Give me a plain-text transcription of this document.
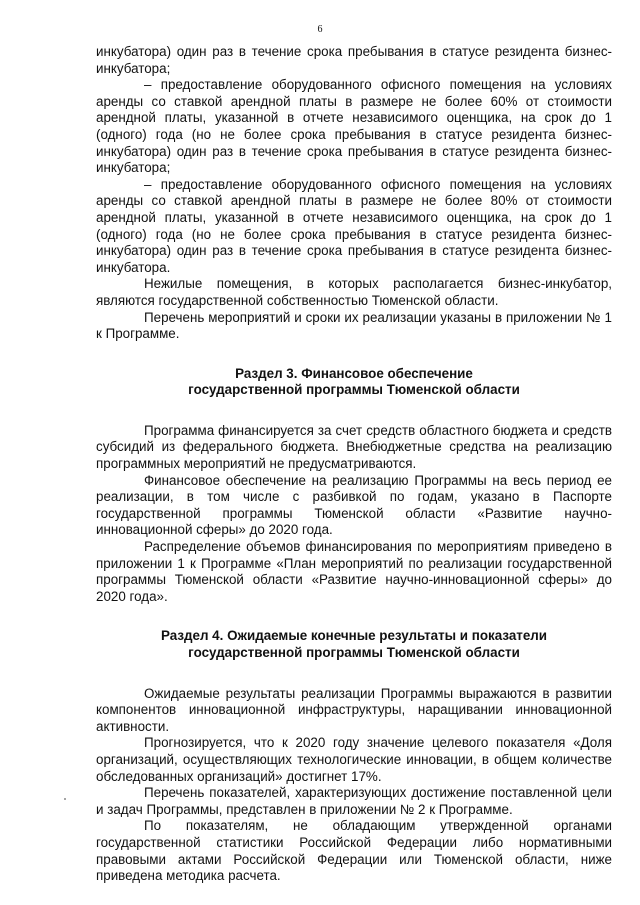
6

инкубатора) один раз в течение срока пребывания в статусе резидента бизнес-инкубатора;

– предоставление оборудованного офисного помещения на условиях аренды со ставкой арендной платы в размере не более 60% от стоимости арендной платы, указанной в отчете независимого оценщика, на срок до 1 (одного) года (но не более срока пребывания в статусе резидента бизнес-инкубатора) один раз в течение срока пребывания в статусе резидента бизнес-инкубатора;

– предоставление оборудованного офисного помещения на условиях аренды со ставкой арендной платы в размере не более 80% от стоимости арендной платы, указанной в отчете независимого оценщика, на срок до 1 (одного) года (но не более срока пребывания в статусе резидента бизнес-инкубатора) один раз в течение срока пребывания в статусе резидента бизнес-инкубатора.

Нежилые помещения, в которых располагается бизнес-инкубатор, являются государственной собственностью Тюменской области.

Перечень мероприятий и сроки их реализации указаны в приложении № 1 к Программе.

Раздел 3. Финансовое обеспечение
государственной программы Тюменской области

Программа финансируется за счет средств областного бюджета и средств субсидий из федерального бюджета. Внебюджетные средства на реализацию программных мероприятий не предусматриваются.

Финансовое обеспечение на реализацию Программы на весь период ее реализации, в том числе с разбивкой по годам, указано в Паспорте государственной программы Тюменской области «Развитие научно-инновационной сферы» до 2020 года.

Распределение объемов финансирования по мероприятиям приведено в приложении 1 к Программе «План мероприятий по реализации государственной программы Тюменской области «Развитие научно-инновационной сферы» до 2020 года».

Раздел 4. Ожидаемые конечные результаты и показатели
государственной программы Тюменской области

Ожидаемые результаты реализации Программы выражаются в развитии компонентов инновационной инфраструктуры, наращивании инновационной активности.

Прогнозируется, что к 2020 году значение целевого показателя «Доля организаций, осуществляющих технологические инновации, в общем количестве обследованных организаций» достигнет 17%.

Перечень показателей, характеризующих достижение поставленной цели и задач Программы, представлен в приложении № 2 к Программе.

По показателям, не обладающим утвержденной органами государственной статистики Российской Федерации либо нормативными правовыми актами Российской Федерации или Тюменской области, ниже приведена методика расчета.
